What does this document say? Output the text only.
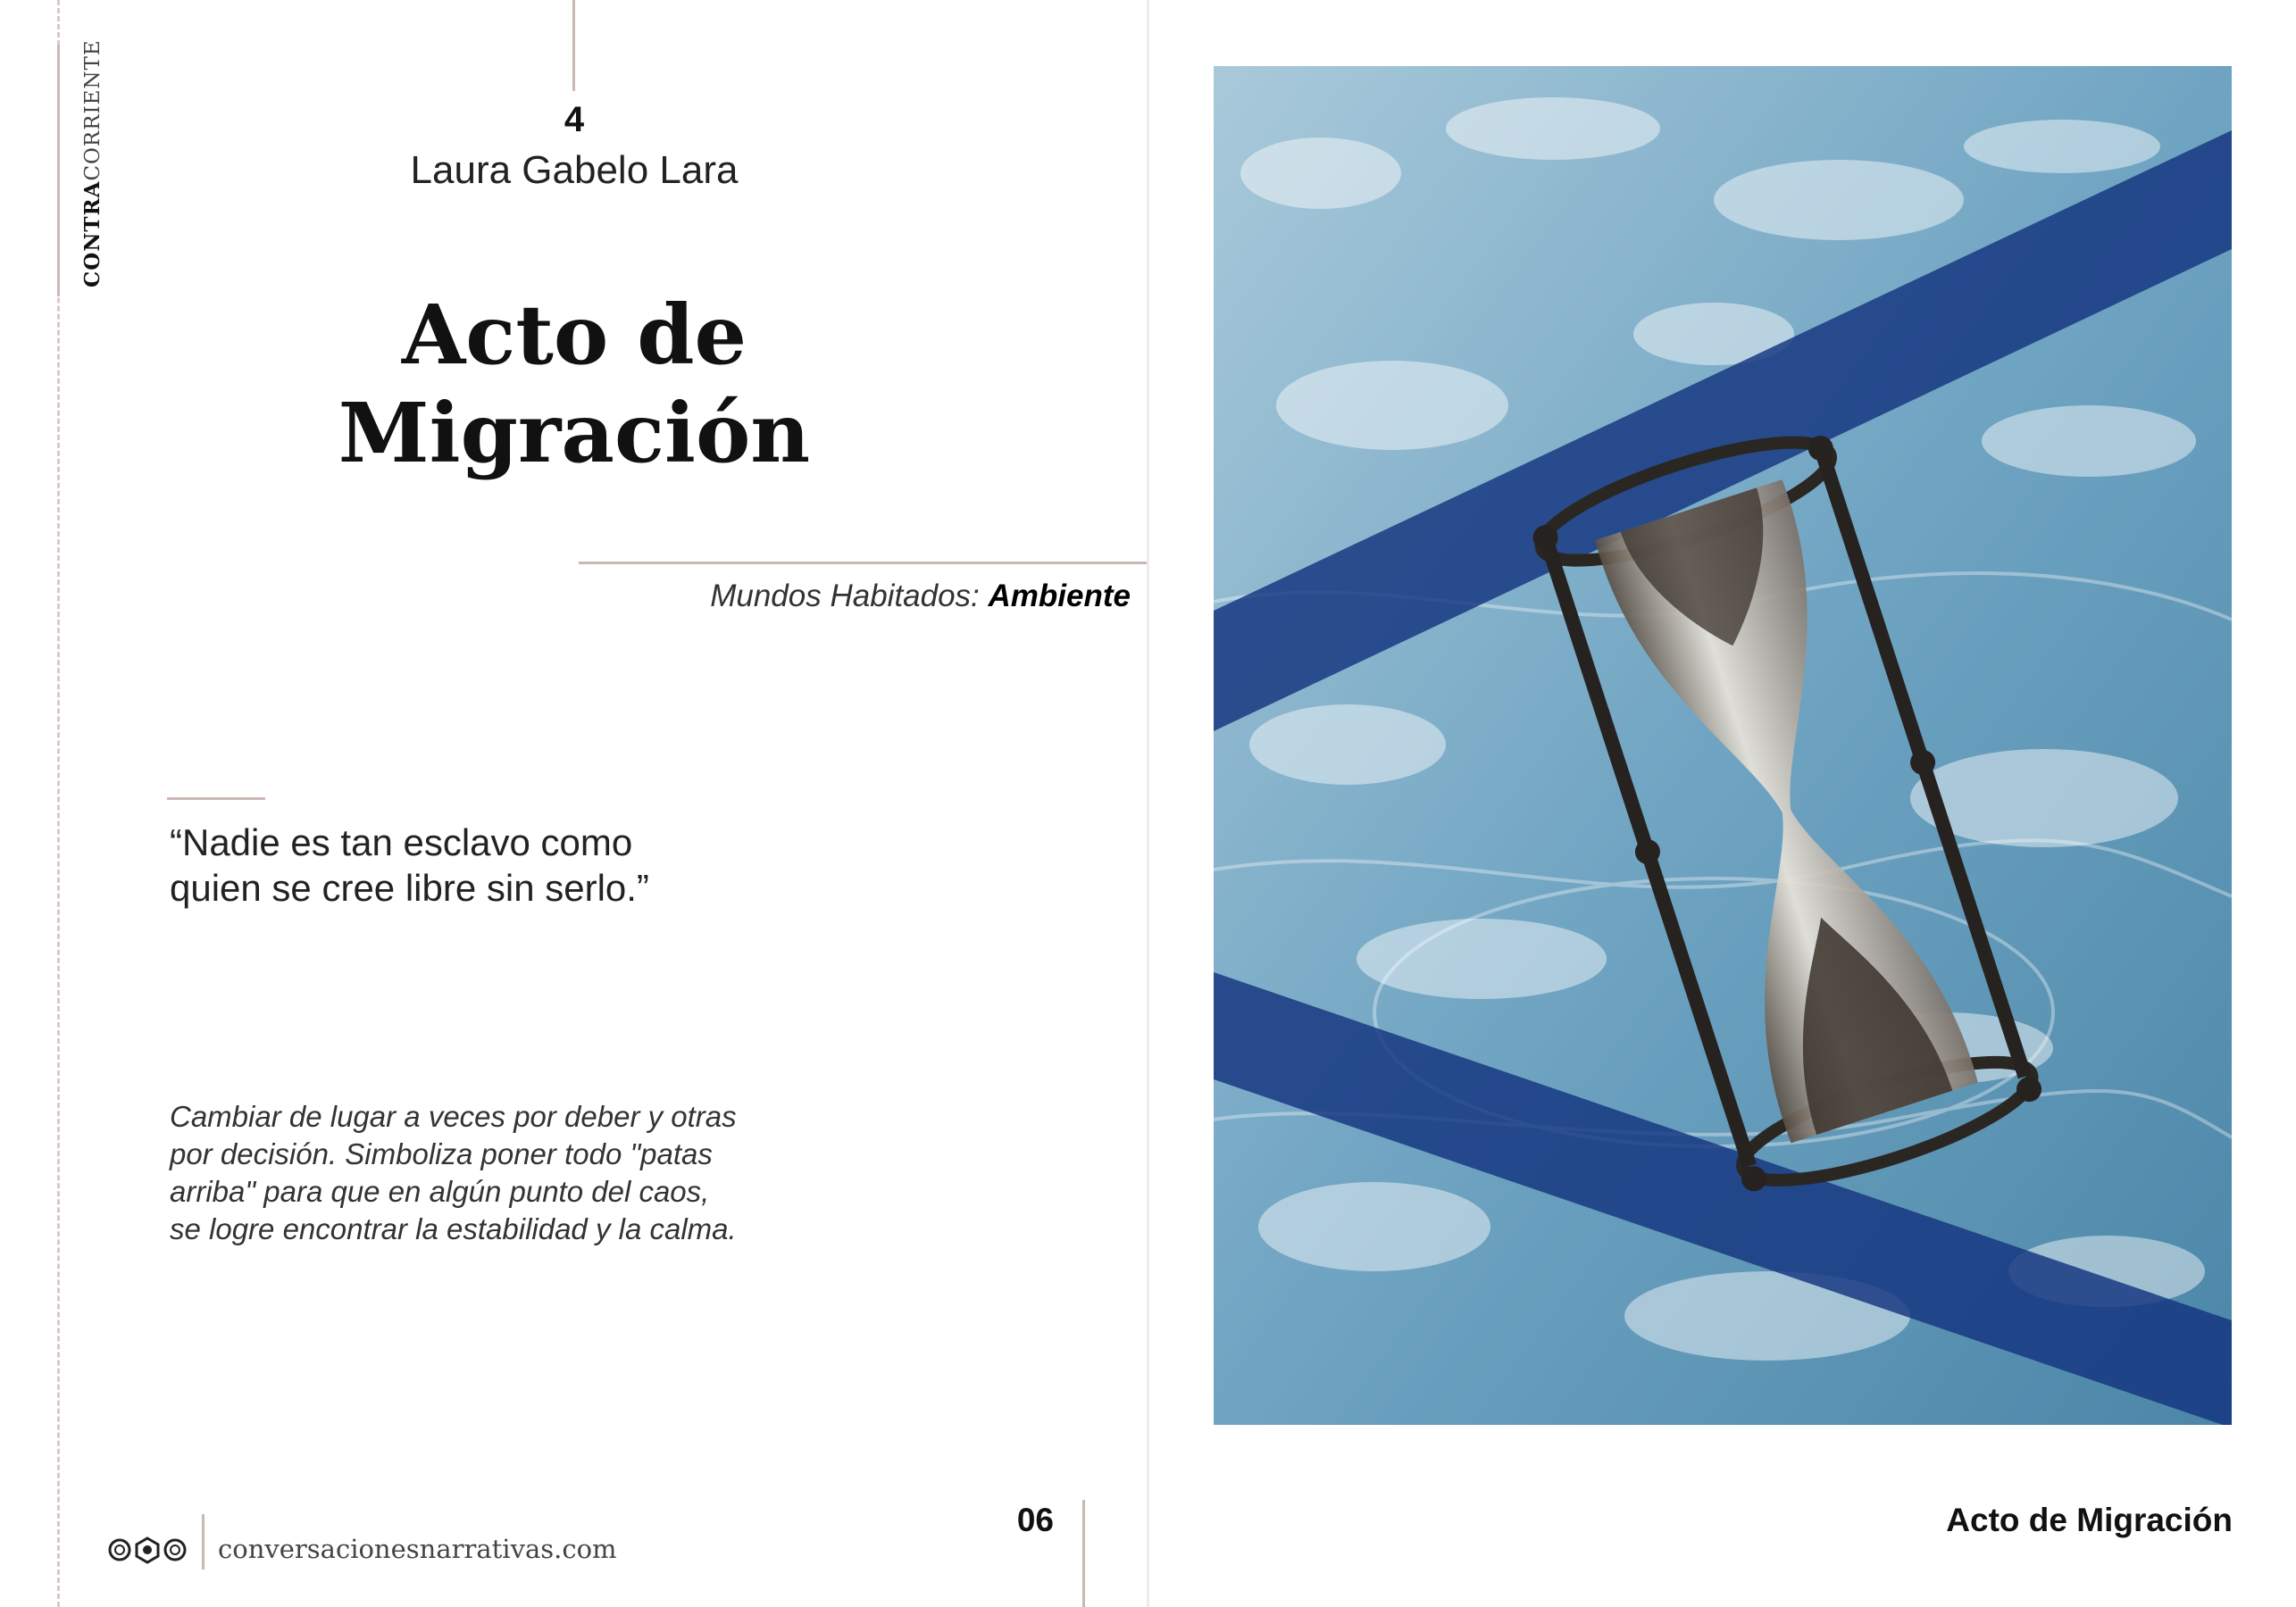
CONTRACORRIENTE	4
Laura Gabelo Lara
Acto de
Migración
Mundos Habitados: Ambiente
“Nadie es tan esclavo como
quien se cree libre sin serlo.”
Cambiar de lugar a veces por deber y otras
por decisión. Simboliza poner todo "patas
arriba" para que en algún punto del caos,
se logre encontrar la estabilidad y la calma.
conversacionesnarrativas.com
06	Acto de Migración
